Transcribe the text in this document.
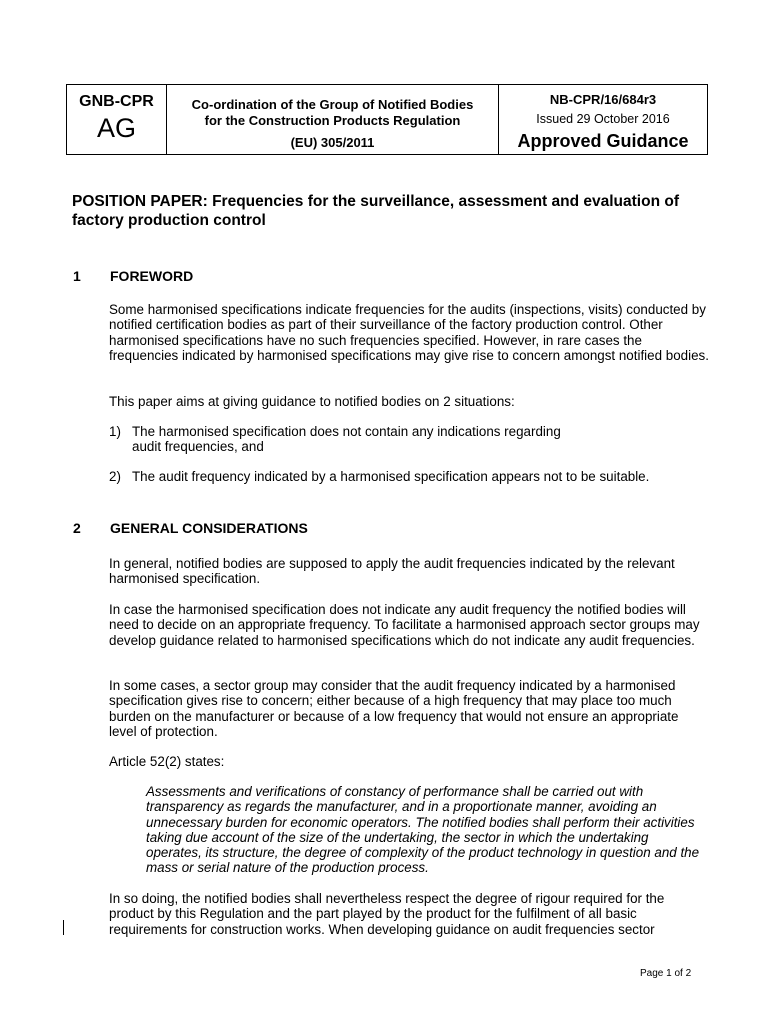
GNB-CPR
AG
Co-ordination of the Group of Notified Bodies
for the Construction Products Regulation
(EU) 305/2011
NB-CPR/16/684r3
Issued 29 October 2016
Approved Guidance

POSITION PAPER: Frequencies for the surveillance, assessment and evaluation of factory production control

1	FOREWORD

Some harmonised specifications indicate frequencies for the audits (inspections, visits) conducted by notified certification bodies as part of their surveillance of the factory production control. Other harmonised specifications have no such frequencies specified. However, in rare cases the frequencies indicated by harmonised specifications may give rise to concern amongst notified bodies.

This paper aims at giving guidance to notified bodies on 2 situations:

1) The harmonised specification does not contain any indications regarding audit frequencies, and
2) The audit frequency indicated by a harmonised specification appears not to be suitable.
2	GENERAL CONSIDERATIONS

In general, notified bodies are supposed to apply the audit frequencies indicated by the relevant harmonised specification.

In case the harmonised specification does not indicate any audit frequency the notified bodies will need to decide on an appropriate frequency. To facilitate a harmonised approach sector groups may develop guidance related to harmonised specifications which do not indicate any audit frequencies.

In some cases, a sector group may consider that the audit frequency indicated by a harmonised specification gives rise to concern; either because of a high frequency that may place too much burden on the manufacturer or because of a low frequency that would not ensure an appropriate level of protection.

Article 52(2) states:

Assessments and verifications of constancy of performance shall be carried out with transparency as regards the manufacturer, and in a proportionate manner, avoiding an unnecessary burden for economic operators. The notified bodies shall perform their activities taking due account of the size of the undertaking, the sector in which the undertaking operates, its structure, the degree of complexity of the product technology in question and the mass or serial nature of the production process.

In so doing, the notified bodies shall nevertheless respect the degree of rigour required for the product by this Regulation and the part played by the product for the fulfilment of all basic requirements for construction works. When developing guidance on audit frequencies sector

Page 1 of 2
